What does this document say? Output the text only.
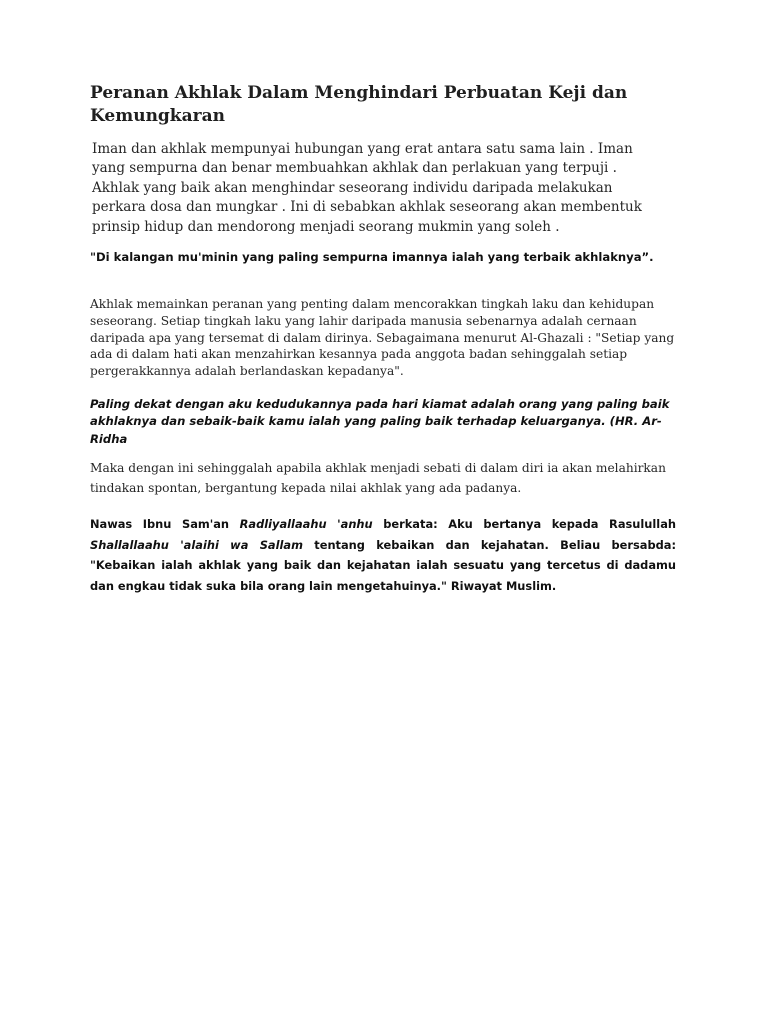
Peranan Akhlak Dalam Menghindari Perbuatan Keji dan Kemungkaran

Iman dan akhlak mempunyai hubungan yang erat antara satu sama lain . Iman yang sempurna dan benar membuahkan akhlak dan perlakuan yang terpuji . Akhlak yang baik akan menghindar seseorang individu daripada melakukan perkara dosa dan mungkar . Ini di sebabkan akhlak seseorang akan membentuk prinsip hidup dan mendorong menjadi seorang mukmin yang soleh .

"Di kalangan mu'minin yang paling sempurna imannya ialah yang terbaik akhlaknya”.

Akhlak memainkan peranan yang penting dalam mencorakkan tingkah laku dan kehidupan seseorang. Setiap tingkah laku yang lahir daripada manusia sebenarnya adalah cernaan daripada apa yang tersemat di dalam dirinya. Sebagaimana menurut Al-Ghazali : "Setiap yang ada di dalam hati akan menzahirkan kesannya pada anggota badan sehinggalah setiap pergerakkannya adalah berlandaskan kepadanya".

Paling dekat dengan aku kedudukannya pada hari kiamat adalah orang yang paling baik akhlaknya dan sebaik-baik kamu ialah yang paling baik terhadap keluarganya. (HR. Ar-Ridha

Maka dengan ini sehinggalah apabila akhlak menjadi sebati di dalam diri ia akan melahirkan tindakan spontan, bergantung kepada nilai akhlak yang ada padanya.

Nawas Ibnu Sam'an Radliyallaahu 'anhu berkata: Aku bertanya kepada Rasulullah Shallallaahu 'alaihi wa Sallam tentang kebaikan dan kejahatan. Beliau bersabda: "Kebaikan ialah akhlak yang baik dan kejahatan ialah sesuatu yang tercetus di dadamu dan engkau tidak suka bila orang lain mengetahuinya." Riwayat Muslim.
